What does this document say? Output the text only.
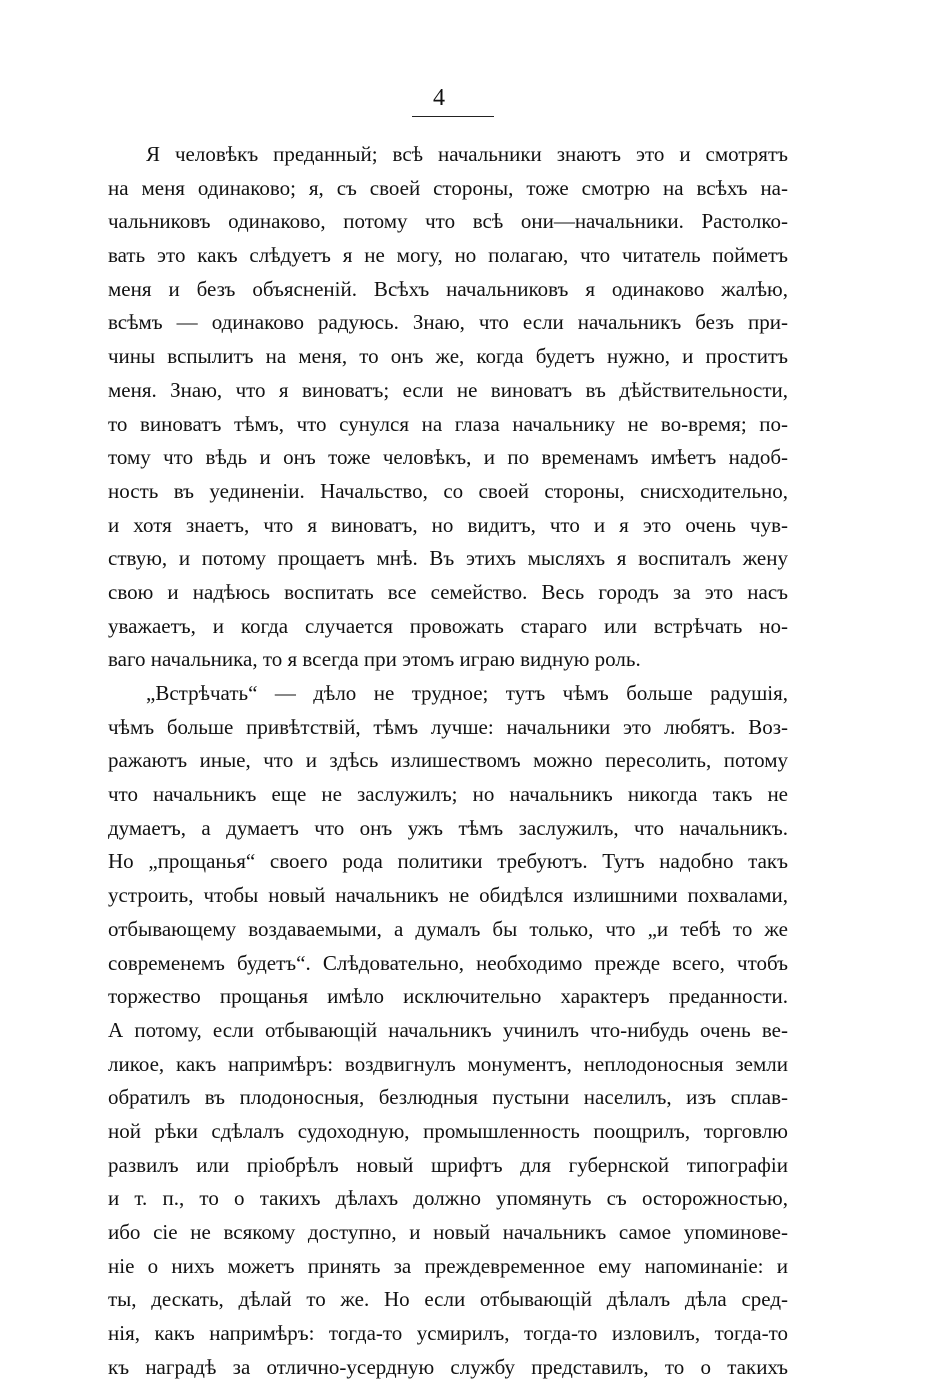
4
Я человѣкъ преданный; всѣ начальники знаютъ это и смотрятъ
на меня одинаково; я, съ своей стороны, тоже смотрю на всѣхъ на-
чальниковъ одинаково, потому что всѣ они—начальники. Растолко-
вать это какъ слѣдуетъ я не могу, но полагаю, что читатель пойметъ
меня и безъ объясненій. Всѣхъ начальниковъ я одинаково жалѣю,
всѣмъ — одинаково радуюсь. Знаю, что если начальникъ безъ при-
чины вспылитъ на меня, то онъ же, когда будетъ нужно, и проститъ
меня. Знаю, что я виноватъ; если не виноватъ въ дѣйствительности,
то виноватъ тѣмъ, что сунулся на глаза начальнику не во-время; по-
тому что вѣдь и онъ тоже человѣкъ, и по временамъ имѣетъ надоб-
ность въ уединеніи. Начальство, со своей стороны, снисходительно,
и хотя знаетъ, что я виноватъ, но видитъ, что и я это очень чув-
ствую, и потому прощаетъ мнѣ. Въ этихъ мысляхъ я воспиталъ жену
свою и надѣюсь воспитать все семейство. Весь городъ за это насъ
уважаетъ, и когда случается провожать стараго или встрѣчать но-
ваго начальника, то я всегда при этомъ играю видную роль.
„Встрѣчать“ — дѣло не трудное; тутъ чѣмъ больше радушія,
чѣмъ больше привѣтствій, тѣмъ лучше: начальники это любятъ. Воз-
ражаютъ иные, что и здѣсь излишествомъ можно пересолить, потому
что начальникъ еще не заслужилъ; но начальникъ никогда такъ не
думаетъ, а думаетъ что онъ ужъ тѣмъ заслужилъ, что начальникъ.
Но „прощанья“ своего рода политики требуютъ. Тутъ надобно такъ
устроить, чтобы новый начальникъ не обидѣлся излишними похвалами,
отбывающему воздаваемыми, а думалъ бы только, что „и тебѣ то же
современемъ будетъ“. Слѣдовательно, необходимо прежде всего, чтобъ
торжество прощанья имѣло исключительно характеръ преданности.
А потому, если отбывающій начальникъ учинилъ что-нибудь очень ве-
ликое, какъ напримѣръ: воздвигнулъ монументъ, неплодоносныя земли
обратилъ въ плодоносныя, безлюдныя пустыни населилъ, изъ сплав-
ной рѣки сдѣлалъ судоходную, промышленность поощрилъ, торговлю
развилъ или пріобрѣлъ новый шрифтъ для губернской типографіи
и т. п., то о такихъ дѣлахъ должно упомянуть съ осторожностью,
ибо сіе не всякому доступно, и новый начальникъ самое упоминове-
ніе о нихъ можетъ принять за преждевременное ему напоминаніе: и
ты, дескать, дѣлай то же. Но если отбывающій дѣлалъ дѣла сред-
нія, какъ напримѣръ: тогда-то усмирилъ, тогда-то изловилъ, тогда-то
къ наградѣ за отлично-усердную службу представилъ, то о такихъ
